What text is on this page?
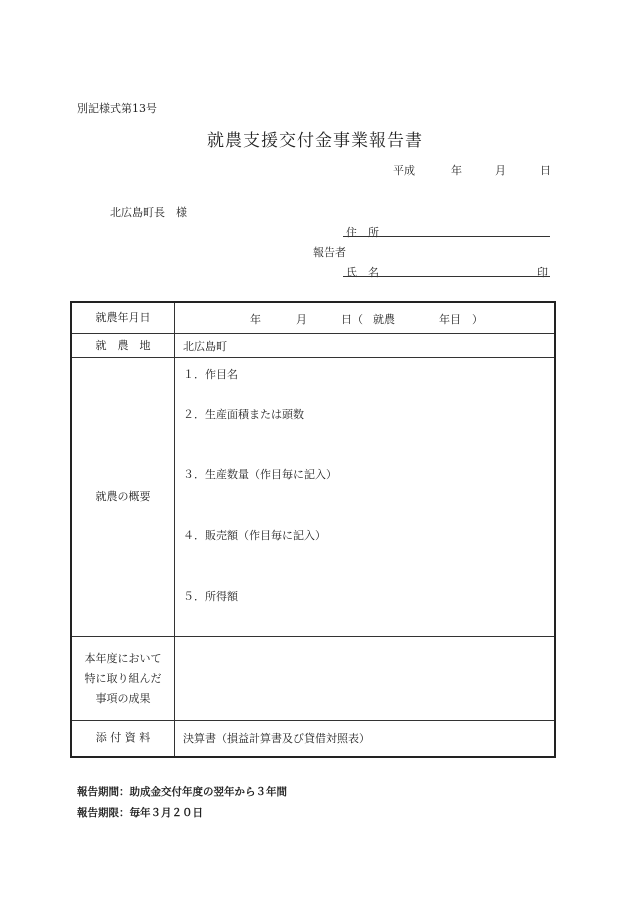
別記様式第13号
就農支援交付金事業報告書
平成	年	月	日
北広島町長　様
住　所
報告者
氏　名	印
就農年月日	年 月 日（ 就農 年目　）

就　農　地	北広島町
就農の概要	１．作目名
２．生産面積または頭数
３．生産数量（作目毎に記入）
４．販売額（作目毎に記入）
５．所得額

本年度において
特に取り組んだ
事項の成果	

添 付 資 料	決算書（損益計算書及び貸借対照表）
報告期間：助成金交付年度の翌年から３年間
報告期限：毎年３月２０日
